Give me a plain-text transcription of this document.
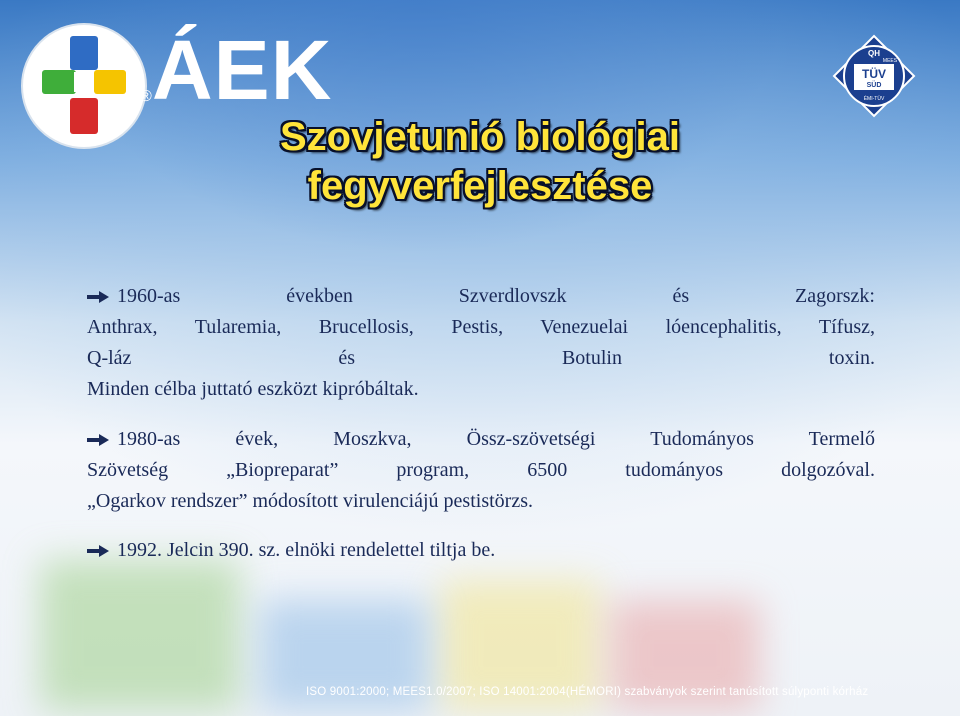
ÁEK
®
QH
MEES
TÜV
SÜD
ÉMI-TÜV
Szovjetunió biológiai
fegyverfejlesztése

1960-as években Szverdlovszk és Zagorszk:

Anthrax, Tularemia, Brucellosis, Pestis, Venezuelai lóencephalitis, Tífusz,

Q-láz és Botulin toxin.

Minden célba juttató eszközt kipróbáltak.

1980-as évek, Moszkva, Össz-szövetségi Tudományos Termelő

Szövetség „Biopreparat” program, 6500 tudományos dolgozóval.

„Ogarkov rendszer” módosított virulenciájú pestistörzs.

1992. Jelcin 390. sz. elnöki rendelettel tiltja be.

ISO 9001:2000; MEES1.0/2007; ISO 14001:2004(HÉMORI) szabványok szerint tanúsított súlyponti kórház
